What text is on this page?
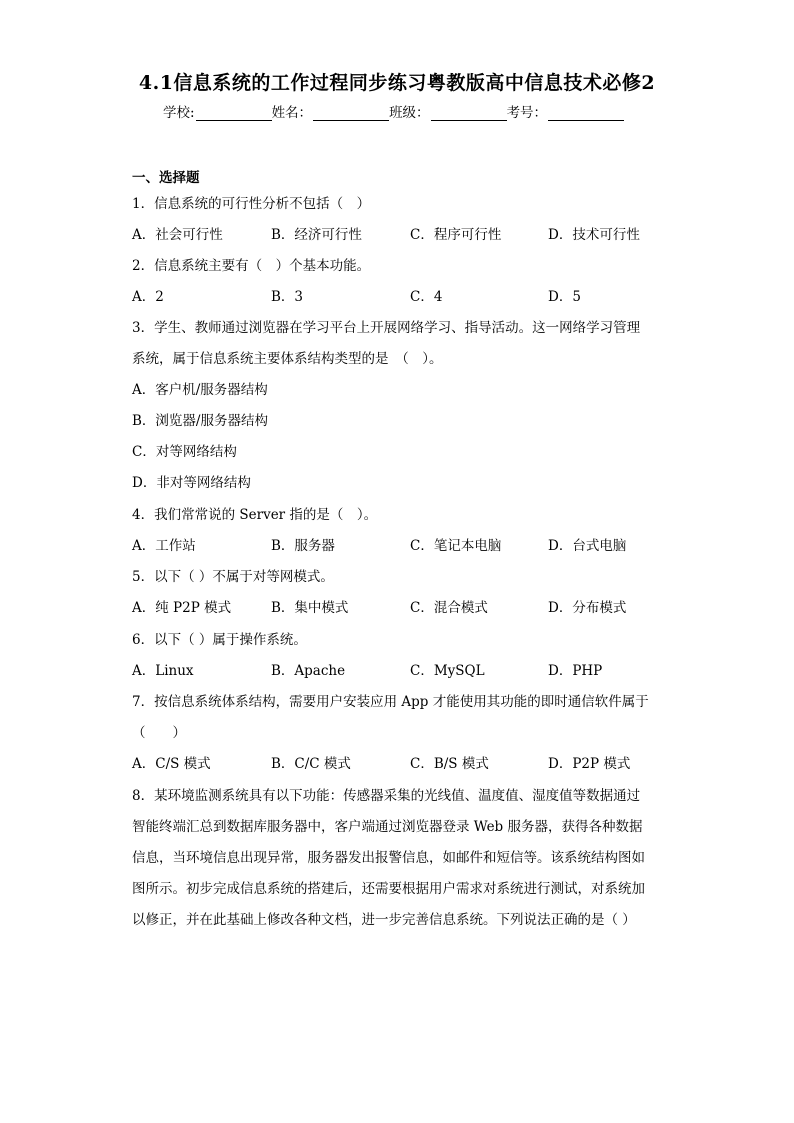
4.1信息系统的工作过程同步练习粤教版高中信息技术必修2
学校:	姓名：	班级：	考号：
一、选择题
1．信息系统的可行性分析不包括（　）
A．社会可行性	B．经济可行性	C．程序可行性	D．技术可行性
2．信息系统主要有（　）个基本功能。
A．2	B．3	C．4	D．5
3．学生、教师通过浏览器在学习平台上开展网络学习、指导活动。这一网络学习管理
系统，属于信息系统主要体系结构类型的是　（　）。
A．客户机/服务器结构
B．浏览器/服务器结构
C．对等网络结构
D．非对等网络结构
4．我们常常说的 Server 指的是（　）。
A．工作站	B．服务器	C．笔记本电脑	D．台式电脑
5．以下（ ）不属于对等网模式。
A．纯 P2P 模式	B．集中模式	C．混合模式	D．分布模式
6．以下（ ）属于操作系统。
A．Linux	B．Apache	C．MySQL	D．PHP
7．按信息系统体系结构，需要用户安装应用 App 才能使用其功能的即时通信软件属于
（　　）
A．C/S 模式	B．C/C 模式	C．B/S 模式	D．P2P 模式
8．某环境监测系统具有以下功能：传感器采集的光线值、温度值、湿度值等数据通过
智能终端汇总到数据库服务器中，客户端通过浏览器登录 Web 服务器，获得各种数据
信息，当环境信息出现异常，服务器发出报警信息，如邮件和短信等。该系统结构图如
图所示。初步完成信息系统的搭建后，还需要根据用户需求对系统进行测试，对系统加
以修正，并在此基础上修改各种文档，进一步完善信息系统。下列说法正确的是（ ）
